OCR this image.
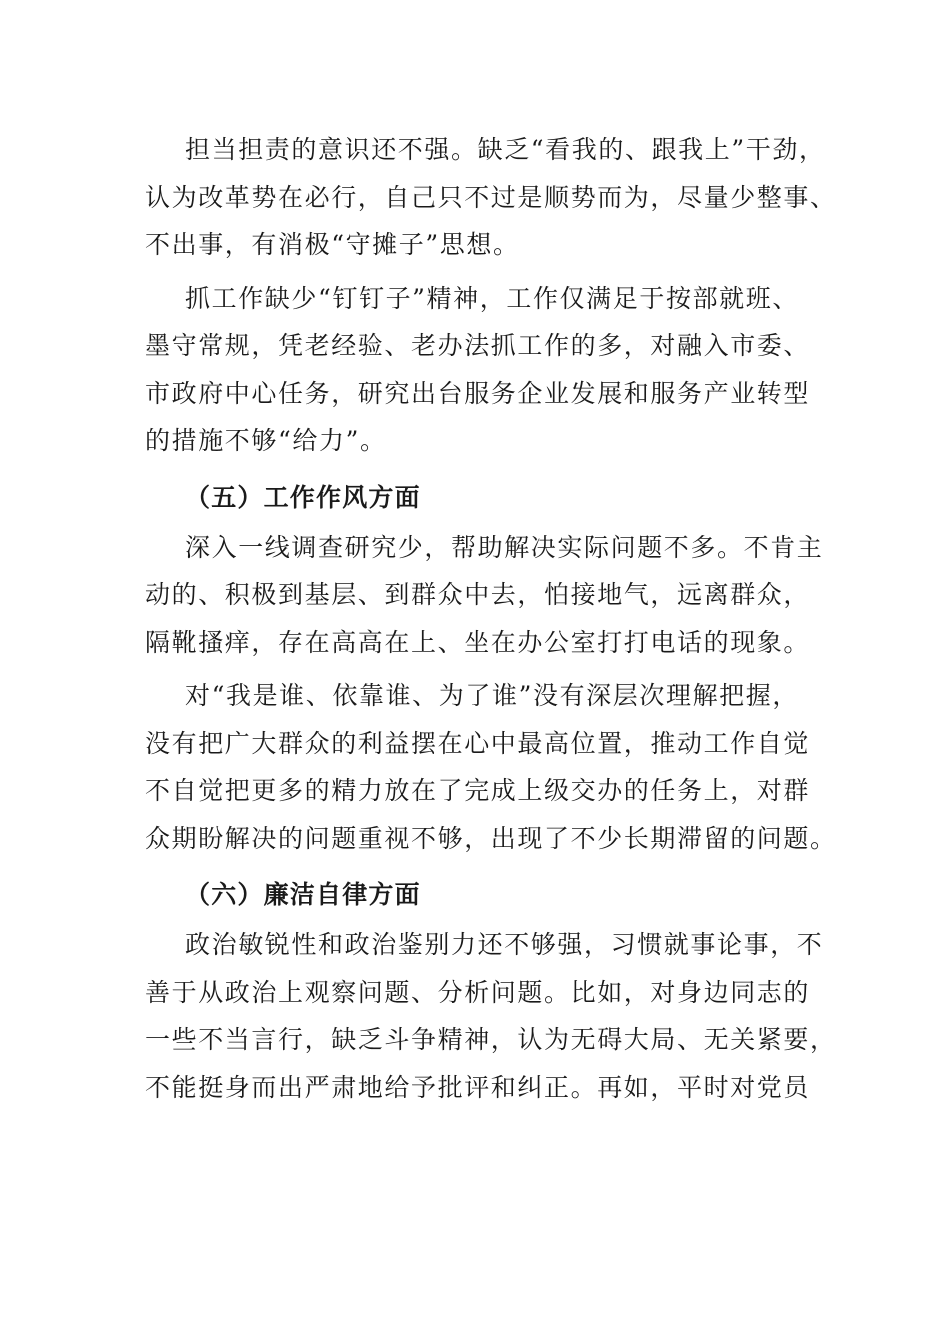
担当担责的意识还不强。缺乏“看我的、跟我上”干劲，
认为改革势在必行，自己只不过是顺势而为，尽量少整事、
不出事，有消极“守摊子”思想。
抓工作缺少“钉钉子”精神，工作仅满足于按部就班、
墨守常规，凭老经验、老办法抓工作的多，对融入市委、
市政府中心任务，研究出台服务企业发展和服务产业转型
的措施不够“给力”。
（五）工作作风方面
深入一线调查研究少，帮助解决实际问题不多。不肯主
动的、积极到基层、到群众中去，怕接地气，远离群众，
隔靴搔痒，存在高高在上、坐在办公室打打电话的现象。
对“我是谁、依靠谁、为了谁”没有深层次理解把握，
没有把广大群众的利益摆在心中最高位置，推动工作自觉
不自觉把更多的精力放在了完成上级交办的任务上，对群
众期盼解决的问题重视不够，出现了不少长期滞留的问题。
（六）廉洁自律方面
政治敏锐性和政治鉴别力还不够强，习惯就事论事，不
善于从政治上观察问题、分析问题。比如，对身边同志的
一些不当言行，缺乏斗争精神，认为无碍大局、无关紧要，
不能挺身而出严肃地给予批评和纠正。再如，平时对党员
